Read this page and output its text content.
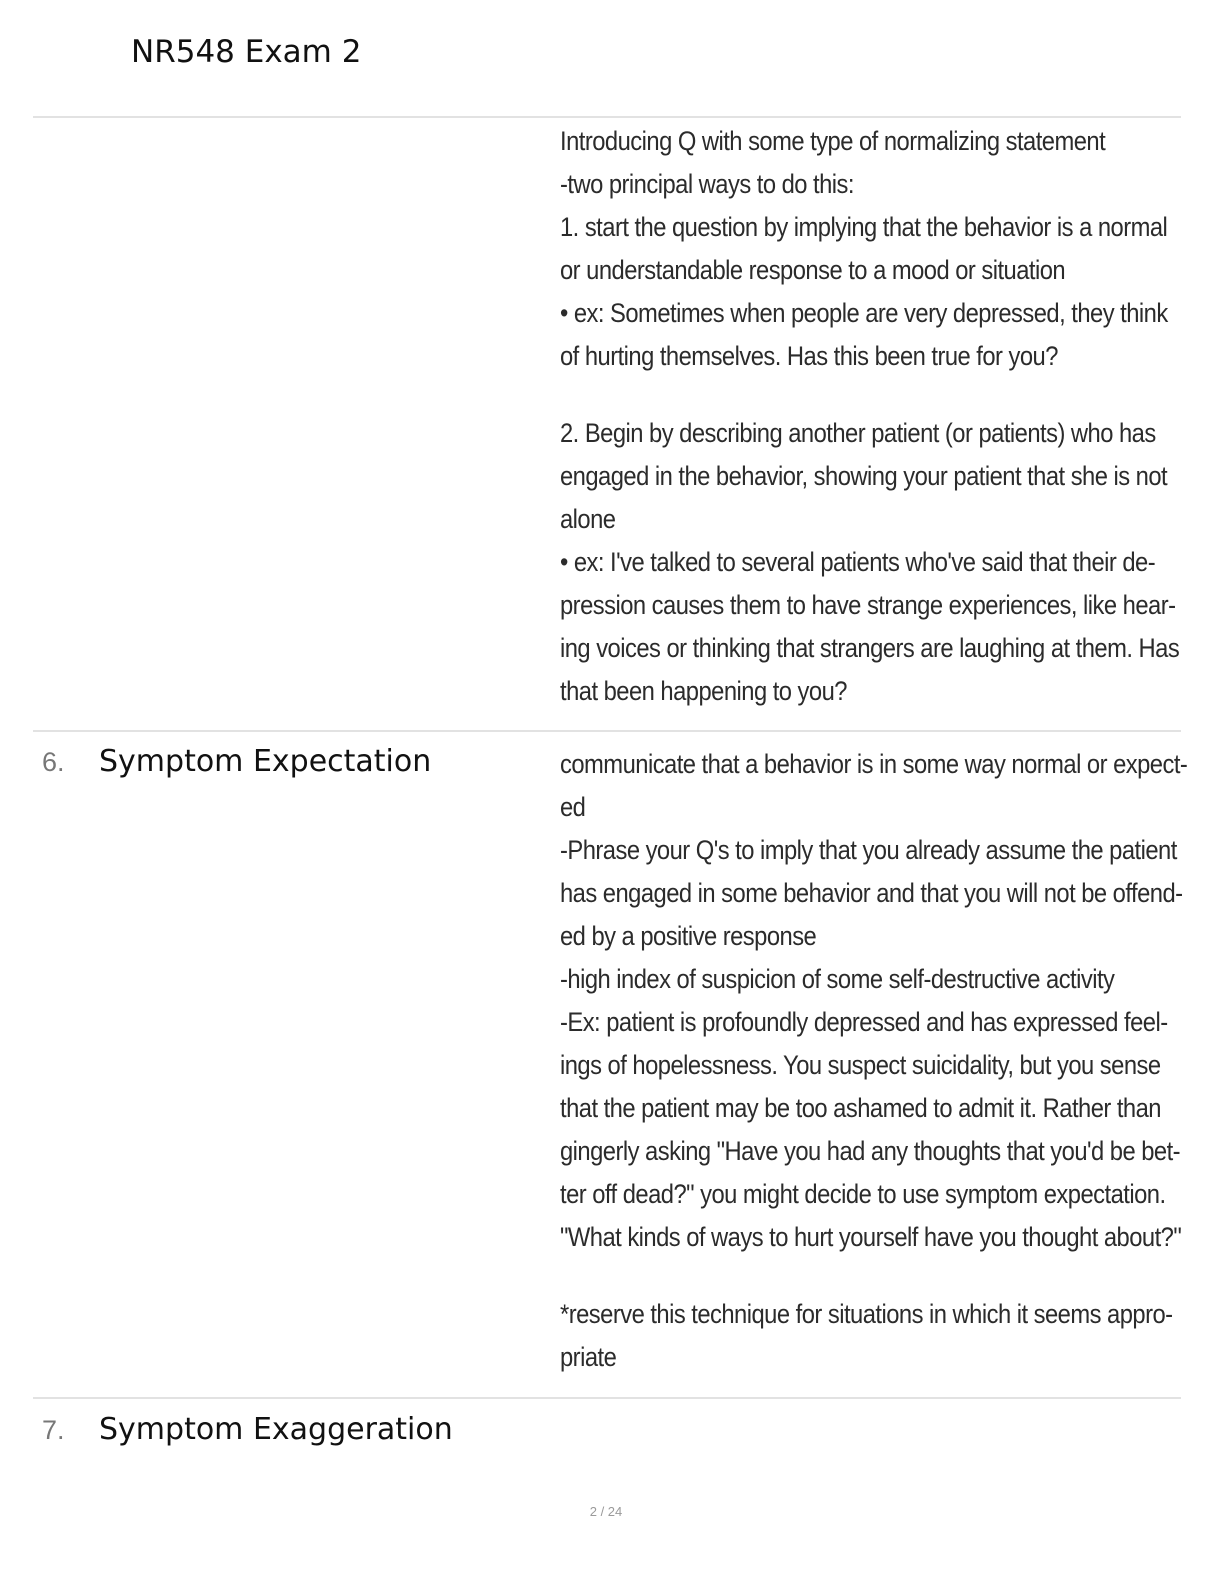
NR548 Exam 2
Introducing Q with some type of normalizing statement
-two principal ways to do this:
1. start the question by implying that the behavior is a normal
or understandable response to a mood or situation
• ex: Sometimes when people are very depressed, they think
of hurting themselves. Has this been true for you?
2. Begin by describing another patient (or patients) who has
engaged in the behavior, showing your patient that she is not
alone
• ex: I've talked to several patients who've said that their de-
pression causes them to have strange experiences, like hear-
ing voices or thinking that strangers are laughing at them. Has
that been happening to you?
6. Symptom Expectation	communicate that a behavior is in some way normal or expect-
ed
-Phrase your Q's to imply that you already assume the patient
has engaged in some behavior and that you will not be offend-
ed by a positive response
-high index of suspicion of some self-destructive activity
-Ex: patient is profoundly depressed and has expressed feel-
ings of hopelessness. You suspect suicidality, but you sense
that the patient may be too ashamed to admit it. Rather than
gingerly asking "Have you had any thoughts that you'd be bet-
ter off dead?" you might decide to use symptom expectation.
"What kinds of ways to hurt yourself have you thought about?"
*reserve this technique for situations in which it seems appro-
priate
7. Symptom Exaggeration
2 / 24
